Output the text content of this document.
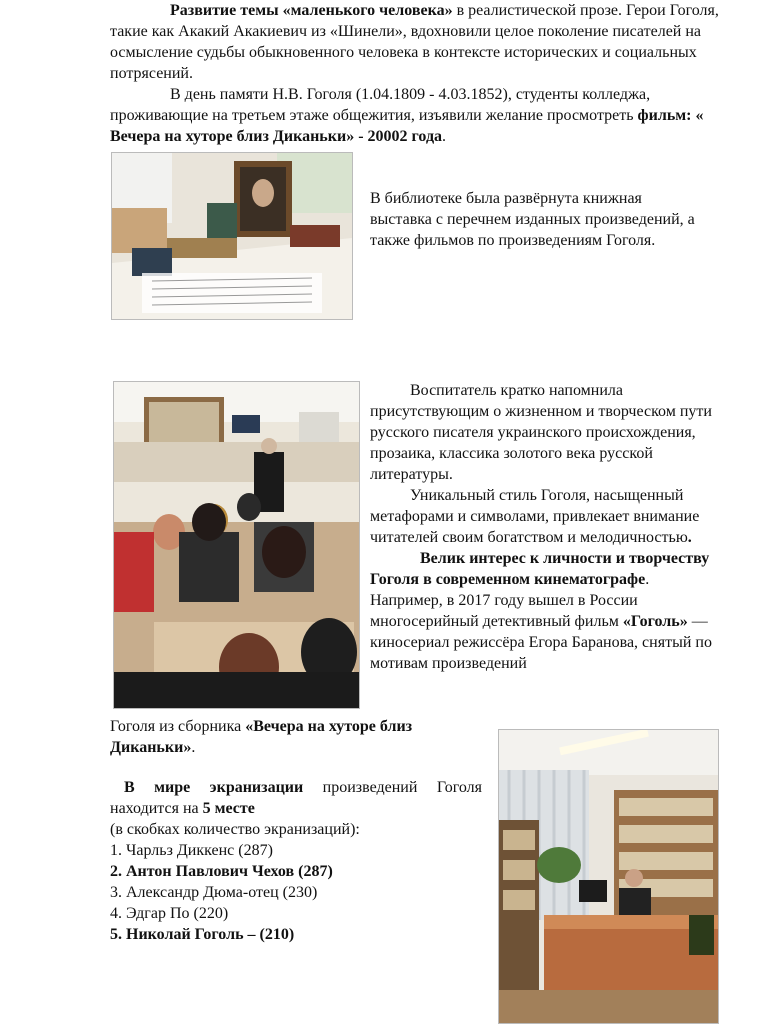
Развитие темы «маленького человека» в реалистической прозе. Герои Гоголя, такие как Акакий Акакиевич из «Шинели», вдохновили целое поколение писателей на осмысление судьбы обыкновенного человека в контексте исторических и социальных потрясений.

В день памяти Н.В. Гоголя (1.04.1809 - 4.03.1852), студенты колледжа, проживающие на третьем этаже общежития, изъявили желание просмотреть фильм: « Вечера на хуторе близ Диканьки» - 20002 года.

В библиотеке была развёрнута книжная выставка с перечнем изданных произведений, а также фильмов по произведениям Гоголя.

Воспитатель кратко напомнила присутствующим о жизненном и творческом пути русского писателя украинского происхождения, прозаика, классика золотого века русской литературы.

Уникальный стиль Гоголя, насыщенный метафорами и символами, привлекает внимание читателей своим богатством и мелодичностью.

Велик интерес к личности и творчеству Гоголя в современном кинематографе.

Например, в 2017 году вышел в России многосерийный детективный фильм «Гоголь» — киносериал режиссёра Егора Баранова, снятый по мотивам произведений

Гоголя из сборника «Вечера на хуторе близ Диканьки».

В мире экранизации произведений Гоголя находится на 5 месте

(в скобках количество экранизаций):

1. Чарльз Диккенс (287)

2. Антон Павлович Чехов (287)

3. Александр Дюма-отец (230)

4. Эдгар По (220)

5. Николай Гоголь – (210)
